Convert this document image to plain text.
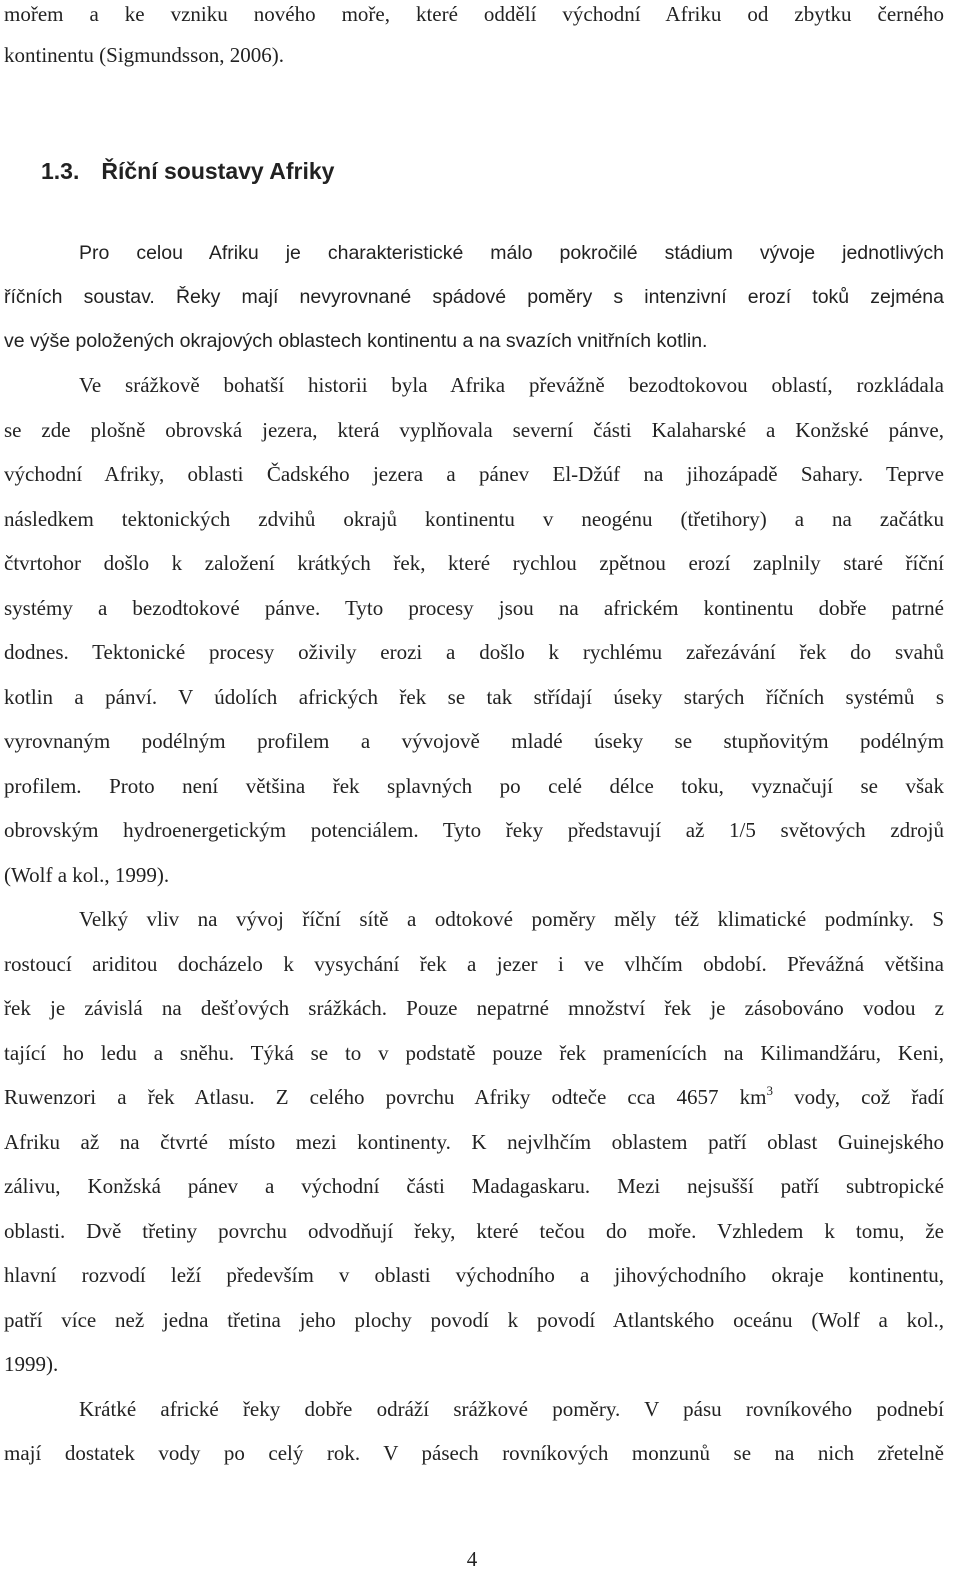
mořem a ke vzniku nového moře, které oddělí východní Afriku od zbytku černého
kontinentu (Sigmundsson, 2006).
1.3. Říční soustavy Afriky
Pro celou Afriku je charakteristické málo pokročilé stádium vývoje jednotlivých
říčních soustav. Řeky mají nevyrovnané spádové poměry s intenzivní erozí toků zejména
ve výše položených okrajových oblastech kontinentu a na svazích vnitřních kotlin.
Ve srážkově bohatší historii byla Afrika převážně bezodtokovou oblastí, rozkládala
se zde plošně obrovská jezera, která vyplňovala severní části Kalaharské a Konžské pánve,
východní Afriky, oblasti Čadského jezera a pánev El-Džúf na jihozápadě Sahary. Teprve
následkem tektonických zdvihů okrajů kontinentu v neogénu (třetihory) a na začátku
čtvrtohor došlo k založení krátkých řek, které rychlou zpětnou erozí zaplnily staré říční
systémy a bezodtokové pánve. Tyto procesy jsou na africkém kontinentu dobře patrné
dodnes. Tektonické procesy oživily erozi a došlo k rychlému zařezávání řek do svahů
kotlin a pánví. V údolích afrických řek se tak střídají úseky starých říčních systémů s
vyrovnaným podélným profilem a vývojově mladé úseky se stupňovitým podélným
profilem. Proto není většina řek splavných po celé délce toku, vyznačují se však
obrovským hydroenergetickým potenciálem. Tyto řeky představují až 1/5 světových zdrojů
(Wolf a kol., 1999).
Velký vliv na vývoj říční sítě a odtokové poměry měly též klimatické podmínky. S
rostoucí ariditou docházelo k vysychání řek a jezer i ve vlhčím období. Převážná většina
řek je závislá na dešťových srážkách. Pouze nepatrné množství řek je zásobováno vodou z
tající ho ledu a sněhu. Týká se to v podstatě pouze řek pramenících na Kilimandžáru, Keni,
Ruwenzori a řek Atlasu. Z celého povrchu Afriky odteče cca 4657 $km^3$ vody, což řadí
Afriku až na čtvrté místo mezi kontinenty. K nejvlhčím oblastem patří oblast Guinejského
zálivu, Konžská pánev a východní části Madagaskaru. Mezi nejsušší patří subtropické
oblasti. Dvě třetiny povrchu odvodňují řeky, které tečou do moře. Vzhledem k tomu, že
hlavní rozvodí leží především v oblasti východního a jihovýchodního okraje kontinentu,
patří více než jedna třetina jeho plochy povodí k povodí Atlantského oceánu (Wolf a kol.,
1999).
Krátké africké řeky dobře odráží srážkové poměry. V pásu rovníkového podnebí
mají dostatek vody po celý rok. V pásech rovníkových monzunů se na nich zřetelně
4
